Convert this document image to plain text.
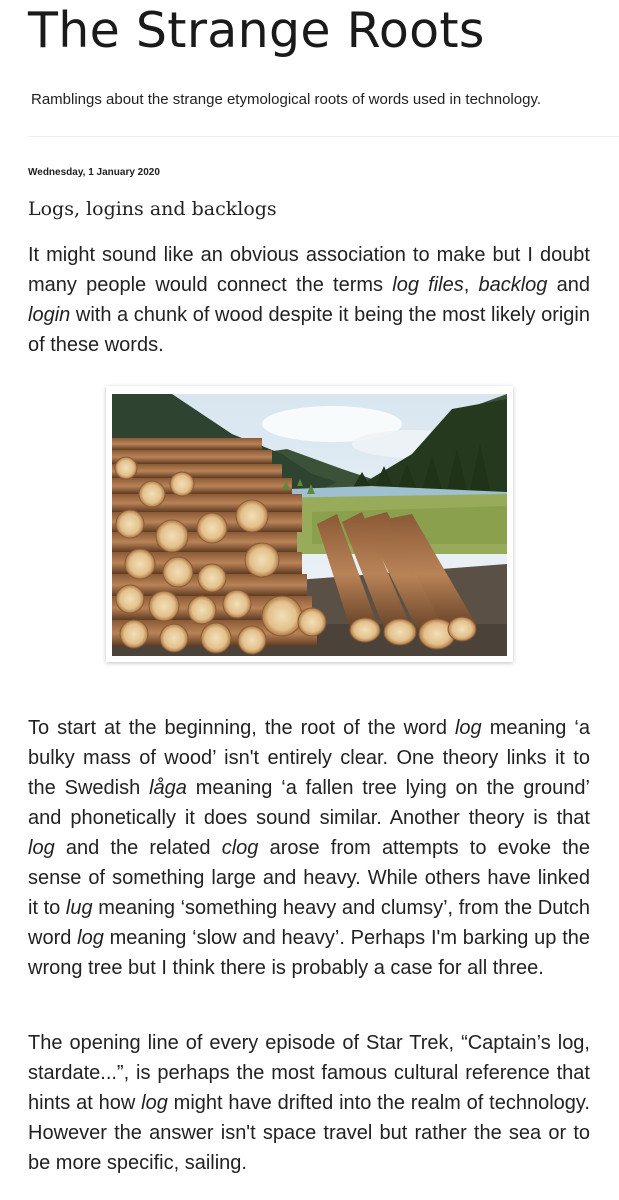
The Strange Roots

Ramblings about the strange etymological roots of words used in technology.

Wednesday, 1 January 2020
Logs, logins and backlogs

It might sound like an obvious association to make but I doubt many people would connect the terms log files, backlog and login with a chunk of wood despite it being the most likely origin of these words.

To start at the beginning, the root of the word log meaning ‘a bulky mass of wood’ isn't entirely clear. One theory links it to the Swedish låga meaning ‘a fallen tree lying on the ground’ and phonetically it does sound similar. Another theory is that log and the related clog arose from attempts to evoke the sense of something large and heavy. While others have linked it to lug meaning ‘something heavy and clumsy’, from the Dutch word log meaning ‘slow and heavy’. Perhaps I'm barking up the wrong tree but I think there is probably a case for all three.

The opening line of every episode of Star Trek, “Captain’s log, stardate...”, is perhaps the most famous cultural reference that hints at how log might have drifted into the realm of technology. However the answer isn't space travel but rather the sea or to be more specific, sailing.
